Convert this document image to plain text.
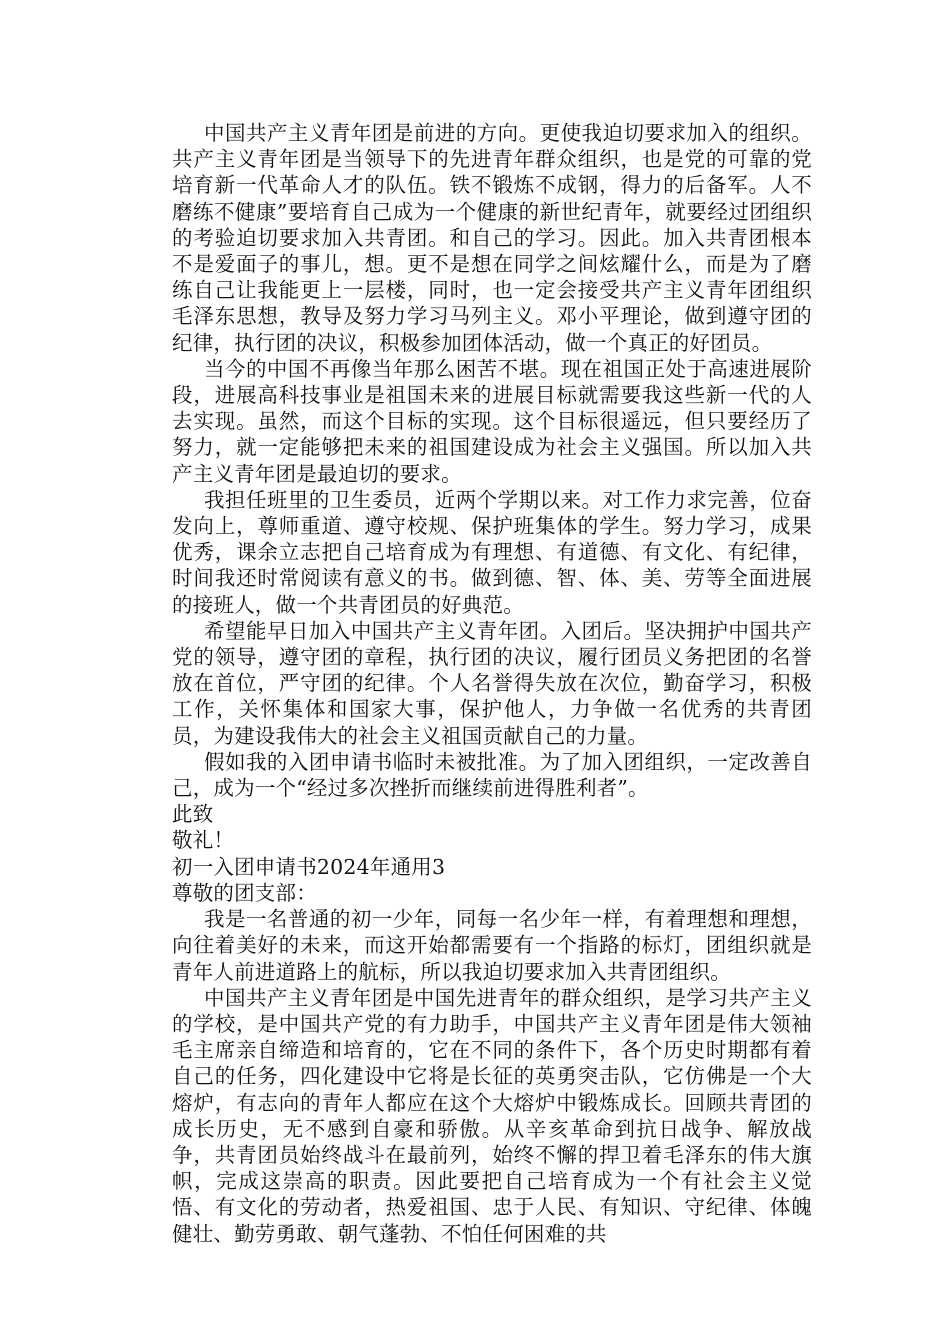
中国共产主义青年团是前进的方向。更使我迫切要求加入的组织。共产主义青年团是当领导下的先进青年群众组织，也是党的可靠的党培育新一代革命人才的队伍。铁不锻炼不成钢，得力的后备军。人不磨练不健康”要培育自己成为一个健康的新世纪青年，就要经过团组织的考验迫切要求加入共青团。和自己的学习。因此。加入共青团根本不是爱面子的事儿，想。更不是想在同学之间炫耀什么，而是为了磨练自己让我能更上一层楼，同时，也一定会接受共产主义青年团组织毛泽东思想，教导及努力学习马列主义。邓小平理论，做到遵守团的纪律，执行团的决议，积极参加团体活动，做一个真正的好团员。

当今的中国不再像当年那么困苦不堪。现在祖国正处于高速进展阶段，进展高科技事业是祖国未来的进展目标就需要我这些新一代的人去实现。虽然，而这个目标的实现。这个目标很遥远，但只要经历了努力，就一定能够把未来的祖国建设成为社会主义强国。所以加入共产主义青年团是最迫切的要求。

我担任班里的卫生委员，近两个学期以来。对工作力求完善，位奋发向上，尊师重道、遵守校规、保护班集体的学生。努力学习，成果优秀，课余立志把自己培育成为有理想、有道德、有文化、有纪律，时间我还时常阅读有意义的书。做到德、智、体、美、劳等全面进展的接班人，做一个共青团员的好典范。

希望能早日加入中国共产主义青年团。入团后。坚决拥护中国共产党的领导，遵守团的章程，执行团的决议，履行团员义务把团的名誉放在首位，严守团的纪律。个人名誉得失放在次位，勤奋学习，积极工作，关怀集体和国家大事，保护他人，力争做一名优秀的共青团员，为建设我伟大的社会主义祖国贡献自己的力量。

假如我的入团申请书临时未被批准。为了加入团组织，一定改善自己，成为一个“经过多次挫折而继续前进得胜利者”。

此致

敬礼！

初一入团申请书2024年通用3

尊敬的团支部：

我是一名普通的初一少年，同每一名少年一样，有着理想和理想，向往着美好的未来，而这开始都需要有一个指路的标灯，团组织就是青年人前进道路上的航标，所以我迫切要求加入共青团组织。

中国共产主义青年团是中国先进青年的群众组织，是学习共产主义的学校，是中国共产党的有力助手，中国共产主义青年团是伟大领袖毛主席亲自缔造和培育的，它在不同的条件下，各个历史时期都有着自己的任务，四化建设中它将是长征的英勇突击队，它仿佛是一个大熔炉，有志向的青年人都应在这个大熔炉中锻炼成长。回顾共青团的成长历史，无不感到自豪和骄傲。从辛亥革命到抗日战争、解放战争，共青团员始终战斗在最前列，始终不懈的捍卫着毛泽东的伟大旗帜，完成这崇高的职责。因此要把自己培育成为一个有社会主义觉悟、有文化的劳动者，热爱祖国、忠于人民、有知识、守纪律、体魄健壮、勤劳勇敢、朝气蓬勃、不怕任何困难的共
